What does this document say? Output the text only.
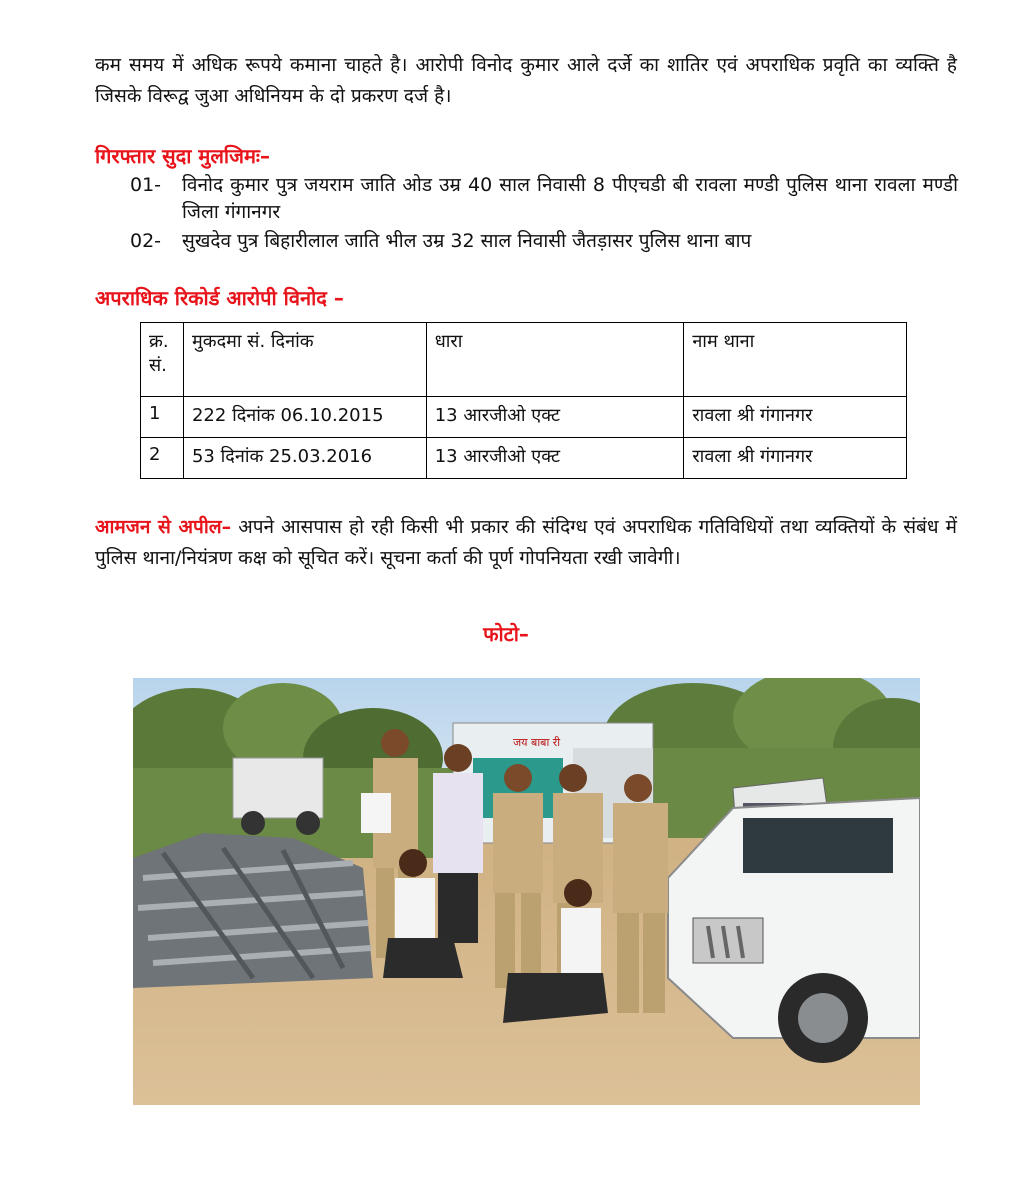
कम समय में अधिक रूपये कमाना चाहते है। आरोपी विनोद कुमार आले दर्जे का शातिर एवं अपराधिक प्रवृति का व्यक्ति है जिसके विरूद्व जुआ अधिनियम के दो प्रकरण दर्ज है।
गिरफ्तार सुदा मुलजिमः–
01-	विनोद कुमार पुत्र जयराम जाति ओड उम्र 40 साल निवासी 8 पीएचडी बी रावला मण्डी पुलिस थाना रावला मण्डी जिला गंगानगर
02-	सुखदेव पुत्र बिहारीलाल जाति भील उम्र 32 साल निवासी जैतड़ासर पुलिस थाना बाप
अपराधिक रिकोर्ड आरोपी विनोद –
क्र. सं.	मुकदमा सं. दिनांक	धारा	नाम थाना
1	222 दिनांक 06.10.2015	13 आरजीओ एक्ट	रावला श्री गंगानगर
2	53 दिनांक 25.03.2016	13 आरजीओ एक्ट	रावला श्री गंगानगर
आमजन से अपील– अपने आसपास हो रही किसी भी प्रकार की संदिग्ध एवं अपराधिक गतिविधियों तथा व्यक्तियों के संबंध में पुलिस थाना/नियंत्रण कक्ष को सूचित करें। सूचना कर्ता की पूर्ण गोपनियता रखी जावेगी।
फोटो–
जय बाबा री
